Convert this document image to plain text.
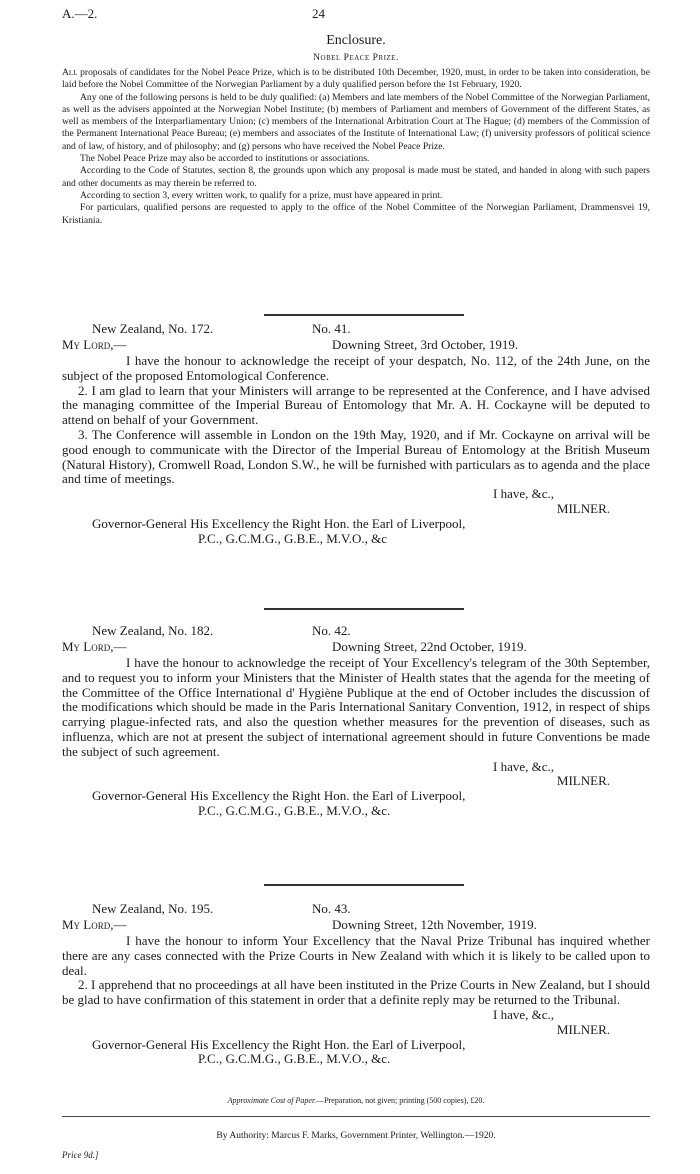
A.—2.	24
Enclosure.
Nobel Peace Prize.

All proposals of candidates for the Nobel Peace Prize, which is to be distributed 10th December, 1920, must, in order to be taken into consideration, be laid before the Nobel Committee of the Norwegian Parliament by a duly qualified person before the 1st February, 1920.

Any one of the following persons is held to be duly qualified: (a) Members and late members of the Nobel Committee of the Norwegian Parliament, as well as the advisers appointed at the Norwegian Nobel Institute; (b) members of Parliament and members of Government of the different States, as well as members of the Interparliamentary Union; (c) members of the International Arbitration Court at The Hague; (d) members of the Commission of the Permanent International Peace Bureau; (e) members and associates of the Institute of International Law; (f) university professors of political science and of law, of history, and of philosophy; and (g) persons who have received the Nobel Peace Prize.

The Nobel Peace Prize may also be accorded to institutions or associations.

According to the Code of Statutes, section 8, the grounds upon which any proposal is made must be stated, and handed in along with such papers and other documents as may therein be referred to.

According to section 3, every written work, to qualify for a prize, must have appeared in print.

For particulars, qualified persons are requested to apply to the office of the Nobel Committee of the Norwegian Parliament, Drammensvei 19, Kristiania.

New Zealand, No. 172.	No. 41.
My Lord,—	Downing Street, 3rd October, 1919.

I have the honour to acknowledge the receipt of your despatch, No. 112, of the 24th June, on the subject of the proposed Entomological Conference.

2. I am glad to learn that your Ministers will arrange to be represented at the Conference, and I have advised the managing committee of the Imperial Bureau of Entomology that Mr. A. H. Cockayne will be deputed to attend on behalf of your Government.

3. The Conference will assemble in London on the 19th May, 1920, and if Mr. Cockayne on arrival will be good enough to communicate with the Director of the Imperial Bureau of Entomology at the British Museum (Natural History), Cromwell Road, London S.W., he will be furnished with particulars as to agenda and the place and time of meetings.

I have, &c.,
MILNER.
Governor-General His Excellency the Right Hon. the Earl of Liverpool,
P.C., G.C.M.G., G.B.E., M.V.O., &c
New Zealand, No. 182.	No. 42.
My Lord,—	Downing Street, 22nd October, 1919.

I have the honour to acknowledge the receipt of Your Excellency's telegram of the 30th September, and to request you to inform your Ministers that the Minister of Health states that the agenda for the meeting of the Committee of the Office International d' Hygiène Publique at the end of October includes the discussion of the modifications which should be made in the Paris International Sanitary Convention, 1912, in respect of ships carrying plague-infected rats, and also the question whether measures for the prevention of diseases, such as influenza, which are not at present the subject of international agreement should in future Conventions be made the subject of such agreement.

I have, &c.,
MILNER.
Governor-General His Excellency the Right Hon. the Earl of Liverpool,
P.C., G.C.M.G., G.B.E., M.V.O., &c.
New Zealand, No. 195.	No. 43.
My Lord,—	Downing Street, 12th November, 1919.

I have the honour to inform Your Excellency that the Naval Prize Tribunal has inquired whether there are any cases connected with the Prize Courts in New Zealand with which it is likely to be called upon to deal.

2. I apprehend that no proceedings at all have been instituted in the Prize Courts in New Zealand, but I should be glad to have confirmation of this statement in order that a definite reply may be returned to the Tribunal.

I have, &c.,
MILNER.
Governor-General His Excellency the Right Hon. the Earl of Liverpool,
P.C., G.C.M.G., G.B.E., M.V.O., &c.
Approximate Cost of Paper.—Preparation, not given; printing (500 copies), £20.
By Authority: Marcus F. Marks, Government Printer, Wellington.—1920.
Price 9d.]
